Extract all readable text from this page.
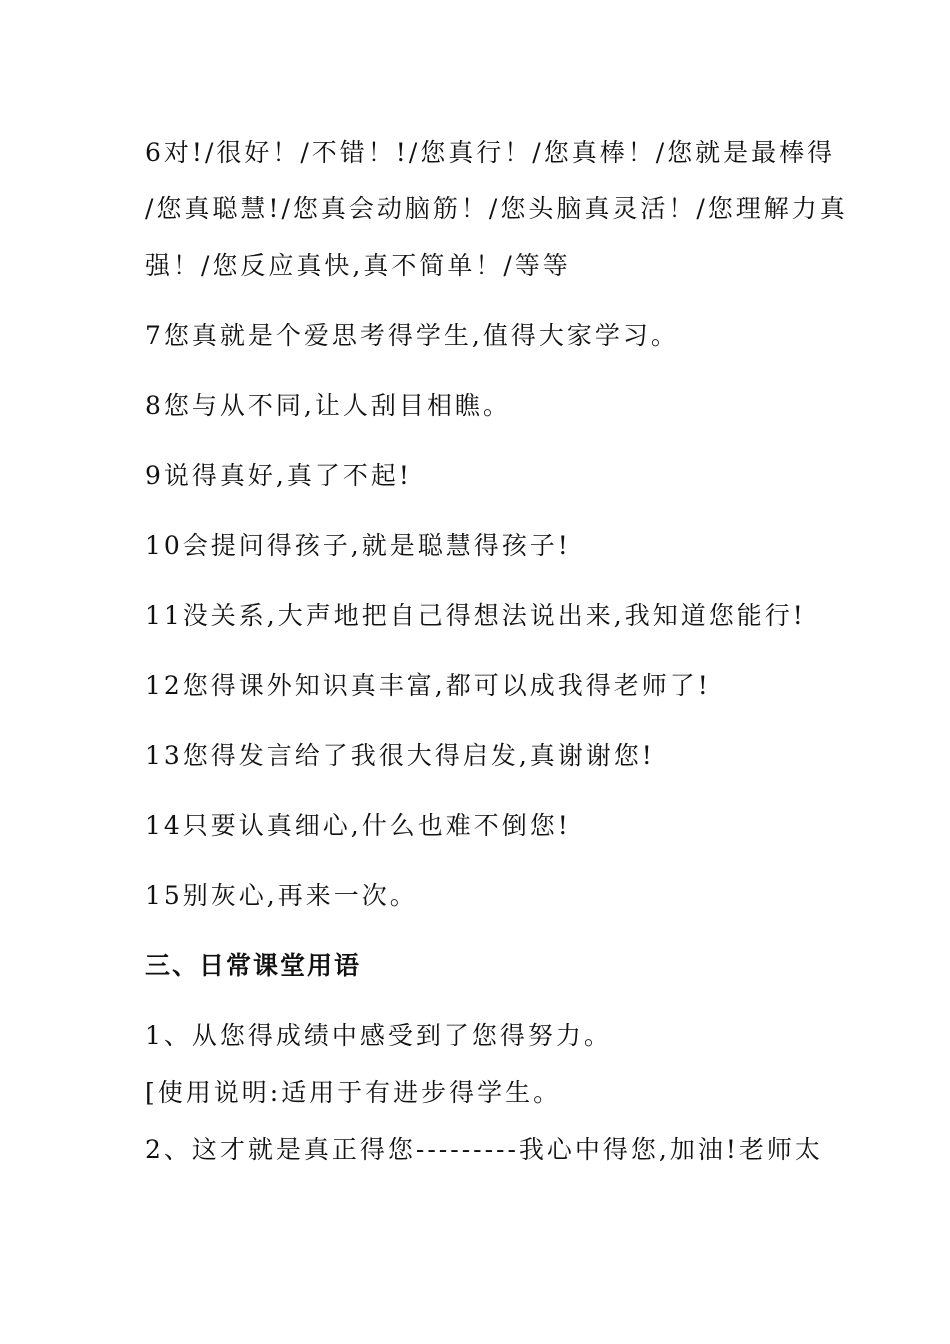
6对!/很好！/不错！!/您真行！/您真棒！/您就是最棒得
/您真聪慧!/您真会动脑筋！/您头脑真灵活！/您理解力真
强！/您反应真快,真不简单！/等等
7您真就是个爱思考得学生,值得大家学习。
8您与从不同,让人刮目相瞧。
9说得真好,真了不起!
10会提问得孩子,就是聪慧得孩子!
11没关系,大声地把自己得想法说出来,我知道您能行!
12您得课外知识真丰富,都可以成我得老师了!
13您得发言给了我很大得启发,真谢谢您!
14只要认真细心,什么也难不倒您!
15别灰心,再来一次。
三、日常课堂用语
1、从您得成绩中感受到了您得努力。
[使用说明:适用于有进步得学生。
2、这才就是真正得您---------我心中得您,加油!老师太
